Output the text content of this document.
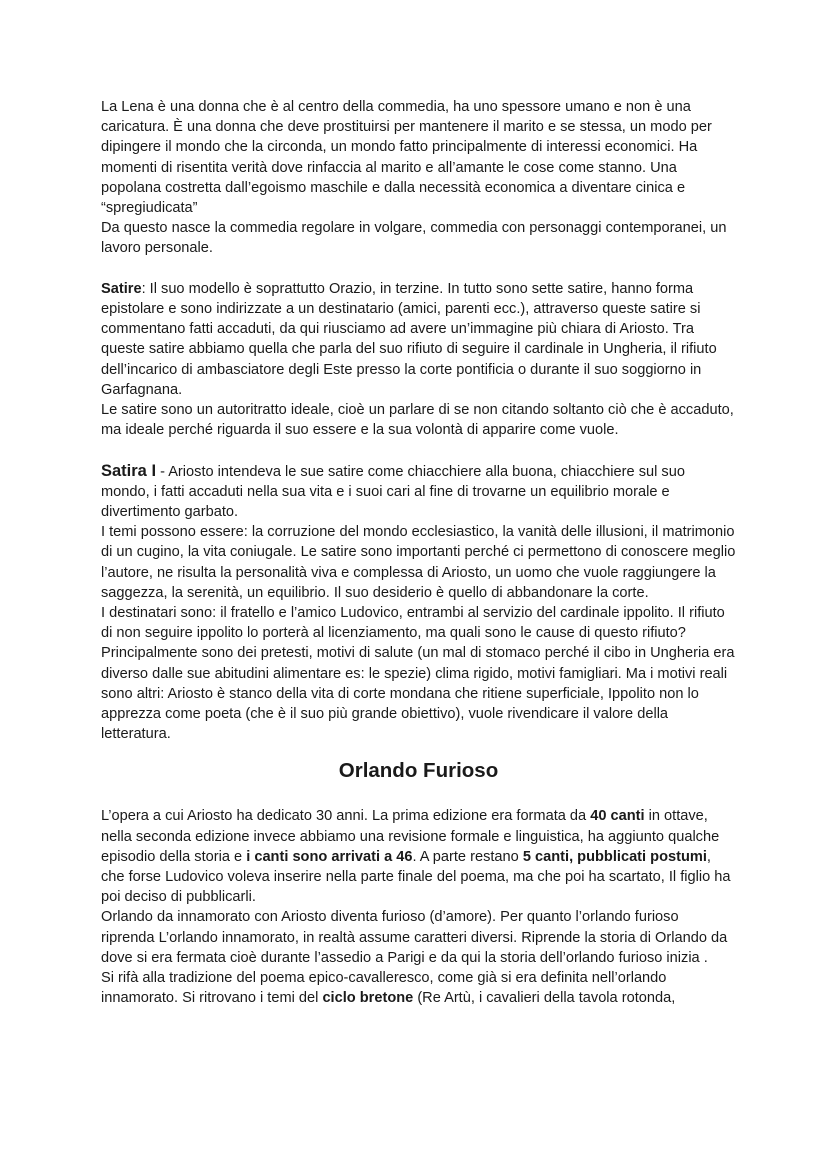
La Lena è una donna che è al centro della commedia, ha uno spessore umano e non è una caricatura. È una donna che deve prostituirsi per mantenere il marito e se stessa, un modo per dipingere il mondo che la circonda, un mondo fatto principalmente di interessi economici. Ha momenti di risentita verità dove rinfaccia al marito e all’amante le cose come stanno. Una popolana costretta dall’egoismo maschile e dalla necessità economica a diventare cinica e “spregiudicata”

Da questo nasce la commedia regolare in volgare, commedia con personaggi contemporanei, un lavoro personale.

Satire: Il suo modello è soprattutto Orazio, in terzine. In tutto sono sette satire, hanno forma epistolare e sono indirizzate a un destinatario (amici, parenti ecc.), attraverso queste satire si commentano fatti accaduti, da qui riusciamo ad avere un’immagine più chiara di Ariosto. Tra queste satire abbiamo quella che parla del suo rifiuto di seguire il cardinale in Ungheria, il rifiuto dell’incarico di ambasciatore degli Este presso la corte pontificia o durante il suo soggiorno in Garfagnana.

Le satire sono un autoritratto ideale, cioè un parlare di se non citando soltanto ciò che è accaduto, ma ideale perché riguarda il suo essere e la sua volontà di apparire come vuole.

Satira I - Ariosto intendeva le sue satire come chiacchiere alla buona, chiacchiere sul suo mondo, i fatti accaduti nella sua vita e i suoi cari al fine di trovarne un equilibrio morale e divertimento garbato.

I temi possono essere: la corruzione del mondo ecclesiastico, la vanità delle illusioni, il matrimonio di un cugino, la vita coniugale. Le satire sono importanti perché ci permettono di conoscere meglio l’autore, ne risulta la personalità viva e complessa di Ariosto, un uomo che vuole raggiungere la saggezza, la serenità, un equilibrio. Il suo desiderio è quello di abbandonare la corte.

I destinatari sono: il fratello e l’amico Ludovico, entrambi al servizio del cardinale ippolito. Il rifiuto di non seguire ippolito lo porterà al licenziamento, ma quali sono le cause di questo rifiuto? Principalmente sono dei pretesti, motivi di salute (un mal di stomaco perché il cibo in Ungheria era diverso dalle sue abitudini alimentare es: le spezie) clima rigido, motivi famigliari. Ma i motivi reali sono altri: Ariosto è stanco della vita di corte mondana che ritiene superficiale, Ippolito non lo apprezza come poeta (che è il suo più grande obiettivo), vuole rivendicare il valore della letteratura.

Orlando Furioso

L’opera a cui Ariosto ha dedicato 30 anni. La prima edizione era formata da 40 canti in ottave, nella seconda edizione invece abbiamo una revisione formale e linguistica, ha aggiunto qualche episodio della storia e i canti sono arrivati a 46. A parte restano 5 canti, pubblicati postumi, che forse Ludovico voleva inserire nella parte finale del poema, ma che poi ha scartato, Il figlio ha poi deciso di pubblicarli.

Orlando da innamorato con Ariosto diventa furioso (d’amore). Per quanto l’orlando furioso riprenda L’orlando innamorato, in realtà assume caratteri diversi. Riprende la storia di Orlando da dove si era fermata cioè durante l’assedio a Parigi e da qui la storia dell’orlando furioso inizia .

Si rifà alla tradizione del poema epico-cavalleresco, come già si era definita nell’orlando innamorato. Si ritrovano i temi del ciclo bretone (Re Artù, i cavalieri della tavola rotonda,
